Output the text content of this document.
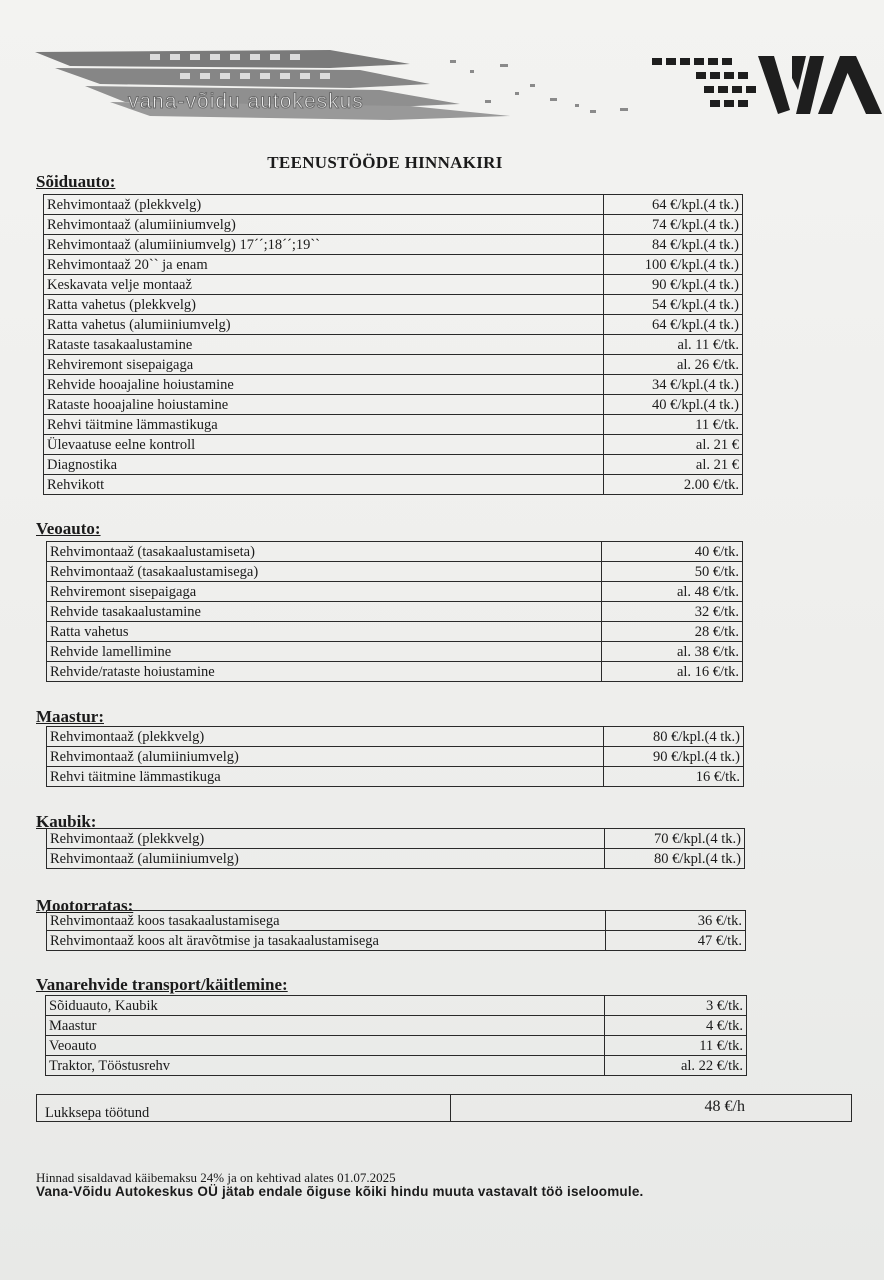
vana-võidu autokeskus
TEENUSTÖÖDE HINNAKIRI
Sõiduauto:
Rehvimontaaž (plekkvelg)	64 €/kpl.(4 tk.)
Rehvimontaaž (alumiiniumvelg)	74 €/kpl.(4 tk.)
Rehvimontaaž (alumiiniumvelg) 17´´;18´´;19``	84 €/kpl.(4 tk.)
Rehvimontaaž 20`` ja enam	100 €/kpl.(4 tk.)
Keskavata velje montaaž	90 €/kpl.(4 tk.)
Ratta vahetus (plekkvelg)	54 €/kpl.(4 tk.)
Ratta vahetus (alumiiniumvelg)	64 €/kpl.(4 tk.)
Rataste tasakaalustamine	al. 11 €/tk.
Rehviremont sisepaigaga	al. 26 €/tk.
Rehvide hooajaline hoiustamine	34 €/kpl.(4 tk.)
Rataste hooajaline hoiustamine	40 €/kpl.(4 tk.)
Rehvi täitmine lämmastikuga	11 €/tk.
Ülevaatuse eelne kontroll	al. 21 €
Diagnostika	al. 21 €
Rehvikott	2.00 €/tk.
Veoauto:
Rehvimontaaž (tasakaalustamiseta)	40 €/tk.
Rehvimontaaž (tasakaalustamisega)	50 €/tk.
Rehviremont sisepaigaga	al. 48 €/tk.
Rehvide tasakaalustamine	32 €/tk.
Ratta vahetus	28 €/tk.
Rehvide lamellimine	al. 38 €/tk.
Rehvide/rataste hoiustamine	al. 16 €/tk.
Maastur:
Rehvimontaaž (plekkvelg)	80 €/kpl.(4 tk.)
Rehvimontaaž (alumiiniumvelg)	90 €/kpl.(4 tk.)
Rehvi täitmine lämmastikuga	16 €/tk.
Kaubik:
Rehvimontaaž (plekkvelg)	70 €/kpl.(4 tk.)
Rehvimontaaž (alumiiniumvelg)	80 €/kpl.(4 tk.)
Mootorratas:
Rehvimontaaž koos tasakaalustamisega	36 €/tk.
Rehvimontaaž koos alt äravõtmise ja tasakaalustamisega	47 €/tk.
Vanarehvide transport/käitlemine:
Sõiduauto, Kaubik	3 €/tk.
Maastur	4 €/tk.
Veoauto	11 €/tk.
Traktor, Tööstusrehv	al. 22 €/tk.
Lukksepa töötund	48 €/h
Hinnad sisaldavad käibemaksu 24% ja on kehtivad alates 01.07.2025
Vana-Võidu Autokeskus OÜ jätab endale õiguse kõiki hindu muuta vastavalt töö iseloomule.
